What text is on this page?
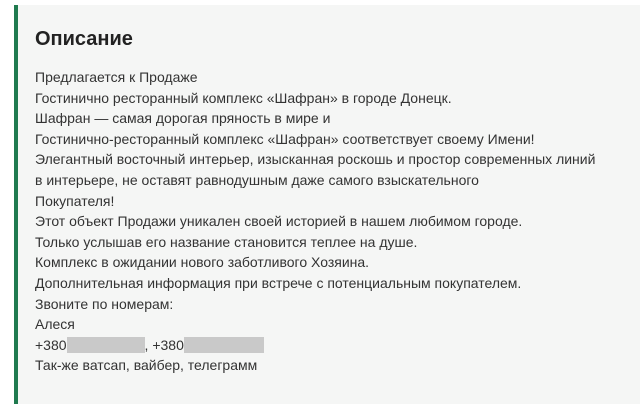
Описание
Предлагается к Продаже
Гостинично ресторанный комплекс «Шафран» в городе Донецк.
Шафран — самая дорогая пряность в мире и
Гостинично-ресторанный комплекс «Шафран» соответствует своему Имени!
Элегантный восточный интерьер, изысканная роскошь и простор современных линий
в интерьере, не оставят равнодушным даже самого взыскательного
Покупателя!
Этот объект Продажи уникален своей историей в нашем любимом городе.
Только услышав его название становится теплее на душе.
Комплекс в ожидании нового заботливого Хозяина.
Дополнительная информация при встрече с потенциальным покупателем.
Звоните по номерам:
Алеся
+380	, +380
Так-же ватсап, вайбер, телеграмм
